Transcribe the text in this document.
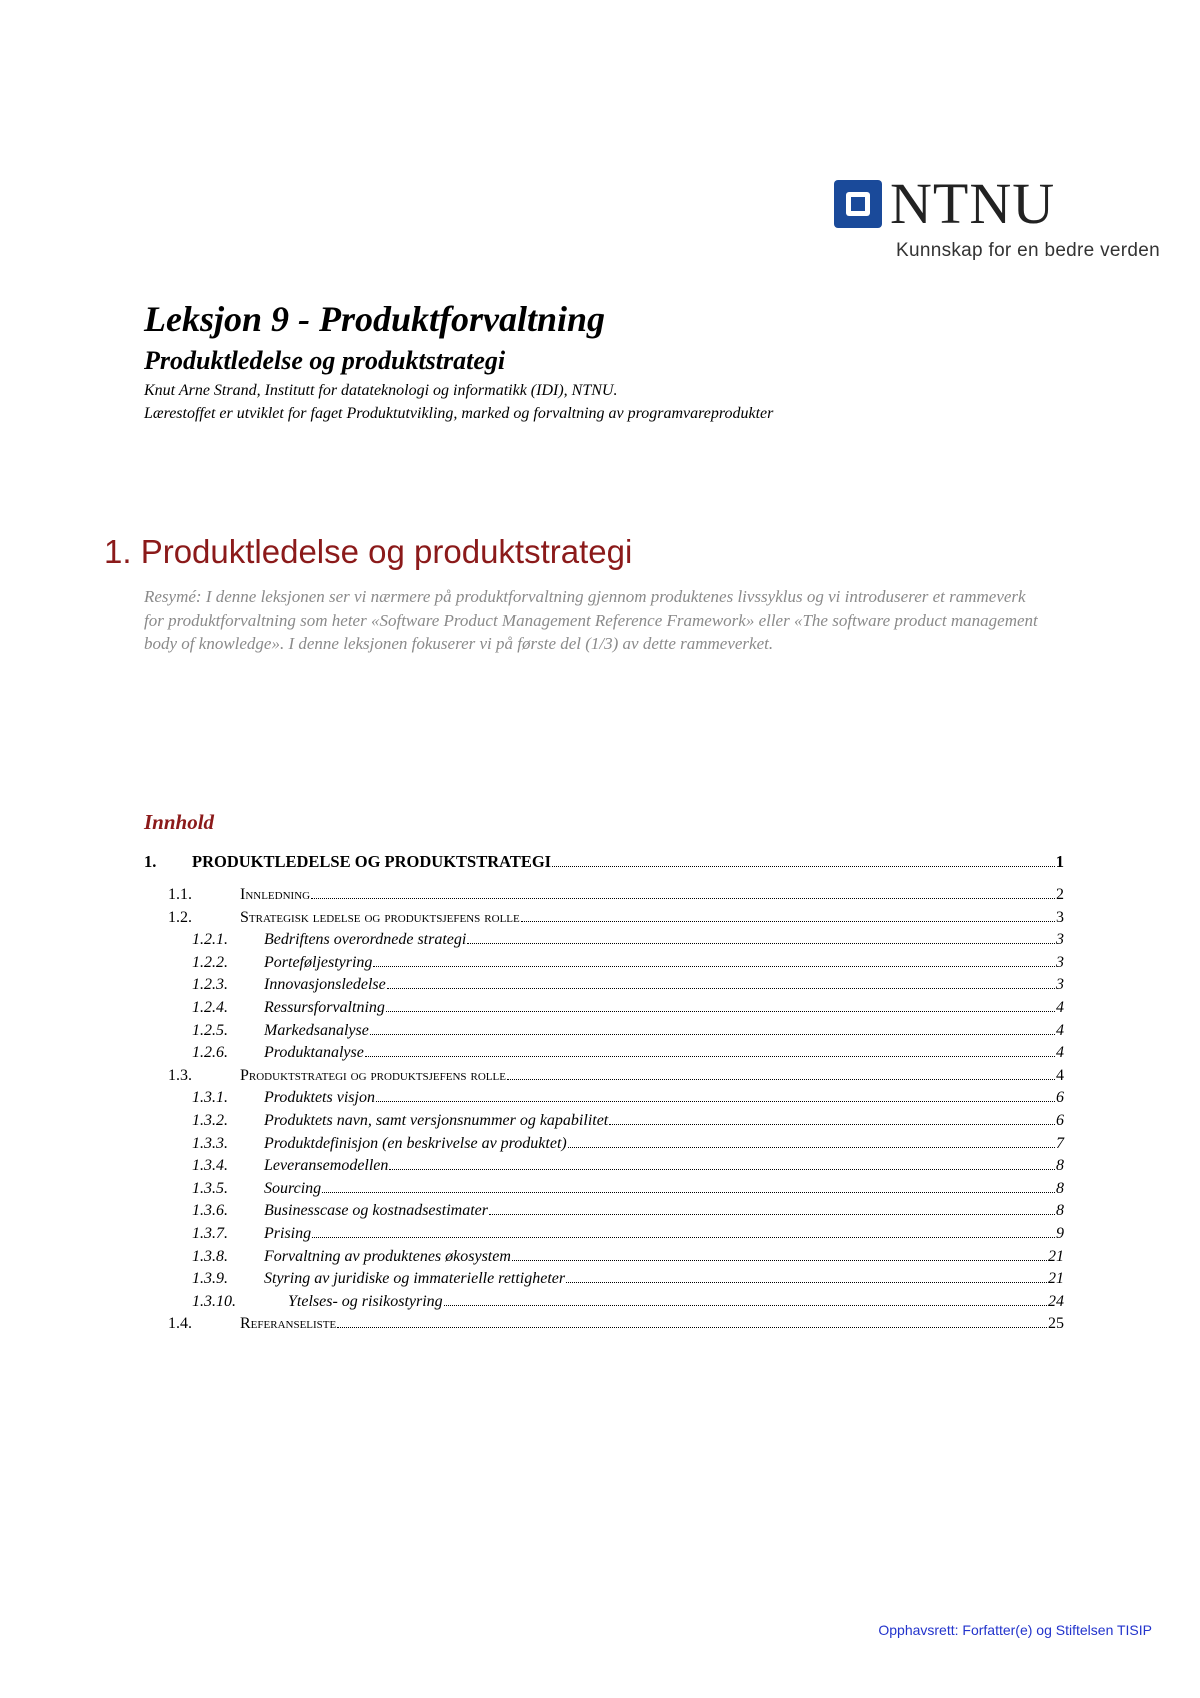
NTNU
Kunnskap for en bedre verden
Leksjon 9 - Produktforvaltning
Produktledelse og produktstrategi
Knut Arne Strand, Institutt for datateknologi og informatikk (IDI), NTNU.
Lærestoffet er utviklet for faget Produktutvikling, marked og forvaltning av programvareprodukter
1. Produktledelse og produktstrategi

Resymé: I denne leksjonen ser vi nærmere på produktforvaltning gjennom produktenes livssyklus og vi introduserer et rammeverk for produktforvaltning som heter «Software Product Management Reference Framework» eller «The software product management body of knowledge». I denne leksjonen fokuserer vi på første del (1/3) av dette rammeverket.

Innhold
1.	PRODUKTLEDELSE OG PRODUKTSTRATEGI	1
1.1.	Innledning	2
1.2.	Strategisk ledelse og produktsjefens rolle	3
1.2.1.	Bedriftens overordnede strategi	3
1.2.2.	Porteføljestyring	3
1.2.3.	Innovasjonsledelse	3
1.2.4.	Ressursforvaltning	4
1.2.5.	Markedsanalyse	4
1.2.6.	Produktanalyse	4
1.3.	Produktstrategi og produktsjefens rolle	4
1.3.1.	Produktets visjon	6
1.3.2.	Produktets navn, samt versjonsnummer og kapabilitet	6
1.3.3.	Produktdefinisjon (en beskrivelse av produktet)	7
1.3.4.	Leveransemodellen	8
1.3.5.	Sourcing	8
1.3.6.	Businesscase og kostnadsestimater	8
1.3.7.	Prising	9
1.3.8.	Forvaltning av produktenes økosystem	21
1.3.9.	Styring av juridiske og immaterielle rettigheter	21
1.3.10.	Ytelses- og risikostyring	24
1.4.	Referanseliste	25
Opphavsrett: Forfatter(e) og Stiftelsen TISIP
